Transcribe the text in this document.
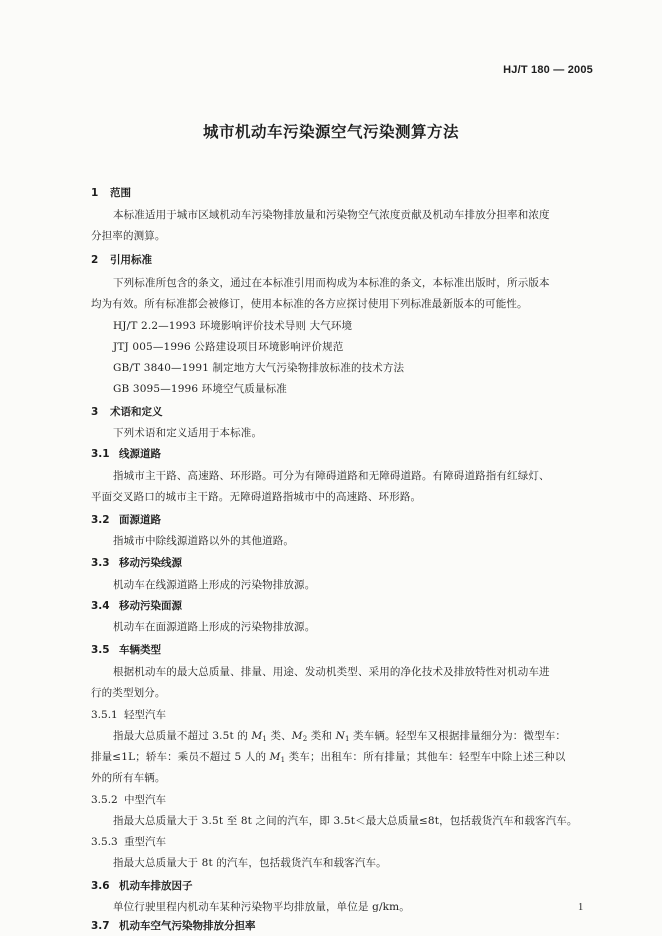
HJ/T 180 — 2005
城市机动车污染源空气污染测算方法
1 范围
本标准适用于城市区域机动车污染物排放量和污染物空气浓度贡献及机动车排放分担率和浓度
分担率的测算。
2 引用标准
下列标准所包含的条文，通过在本标准引用而构成为本标准的条文，本标准出版时，所示版本
均为有效。所有标准都会被修订，使用本标准的各方应探讨使用下列标准最新版本的可能性。
HJ/T 2.2—1993 环境影响评价技术导则 大气环境
JTJ 005—1996 公路建设项目环境影响评价规范
GB/T 3840—1991 制定地方大气污染物排放标准的技术方法
GB 3095—1996 环境空气质量标准
3 术语和定义
下列术语和定义适用于本标准。
3.1 线源道路
指城市主干路、高速路、环形路。可分为有障碍道路和无障碍道路。有障碍道路指有红绿灯、
平面交叉路口的城市主干路。无障碍道路指城市中的高速路、环形路。
3.2 面源道路
指城市中除线源道路以外的其他道路。
3.3 移动污染线源
机动车在线源道路上形成的污染物排放源。
3.4 移动污染面源
机动车在面源道路上形成的污染物排放源。
3.5 车辆类型
根据机动车的最大总质量、排量、用途、发动机类型、采用的净化技术及排放特性对机动车进
行的类型划分。
3.5.1 轻型汽车
指最大总质量不超过 3.5t 的 $M_1$ 类、$M_2$ 类和 $N_1$ 类车辆。轻型车又根据排量细分为：微型车：
排量≤1L；轿车：乘员不超过 5 人的 $M_1$ 类车；出租车：所有排量；其他车：轻型车中除上述三种以
外的所有车辆。
3.5.2 中型汽车
指最大总质量大于 3.5t 至 8t 之间的汽车，即 3.5t＜最大总质量≤8t，包括载货汽车和载客汽车。
3.5.3 重型汽车
指最大总质量大于 8t 的汽车，包括载货汽车和载客汽车。
3.6 机动车排放因子
单位行驶里程内机动车某种污染物平均排放量，单位是 g/km。
3.7 机动车空气污染物排放分担率
1
